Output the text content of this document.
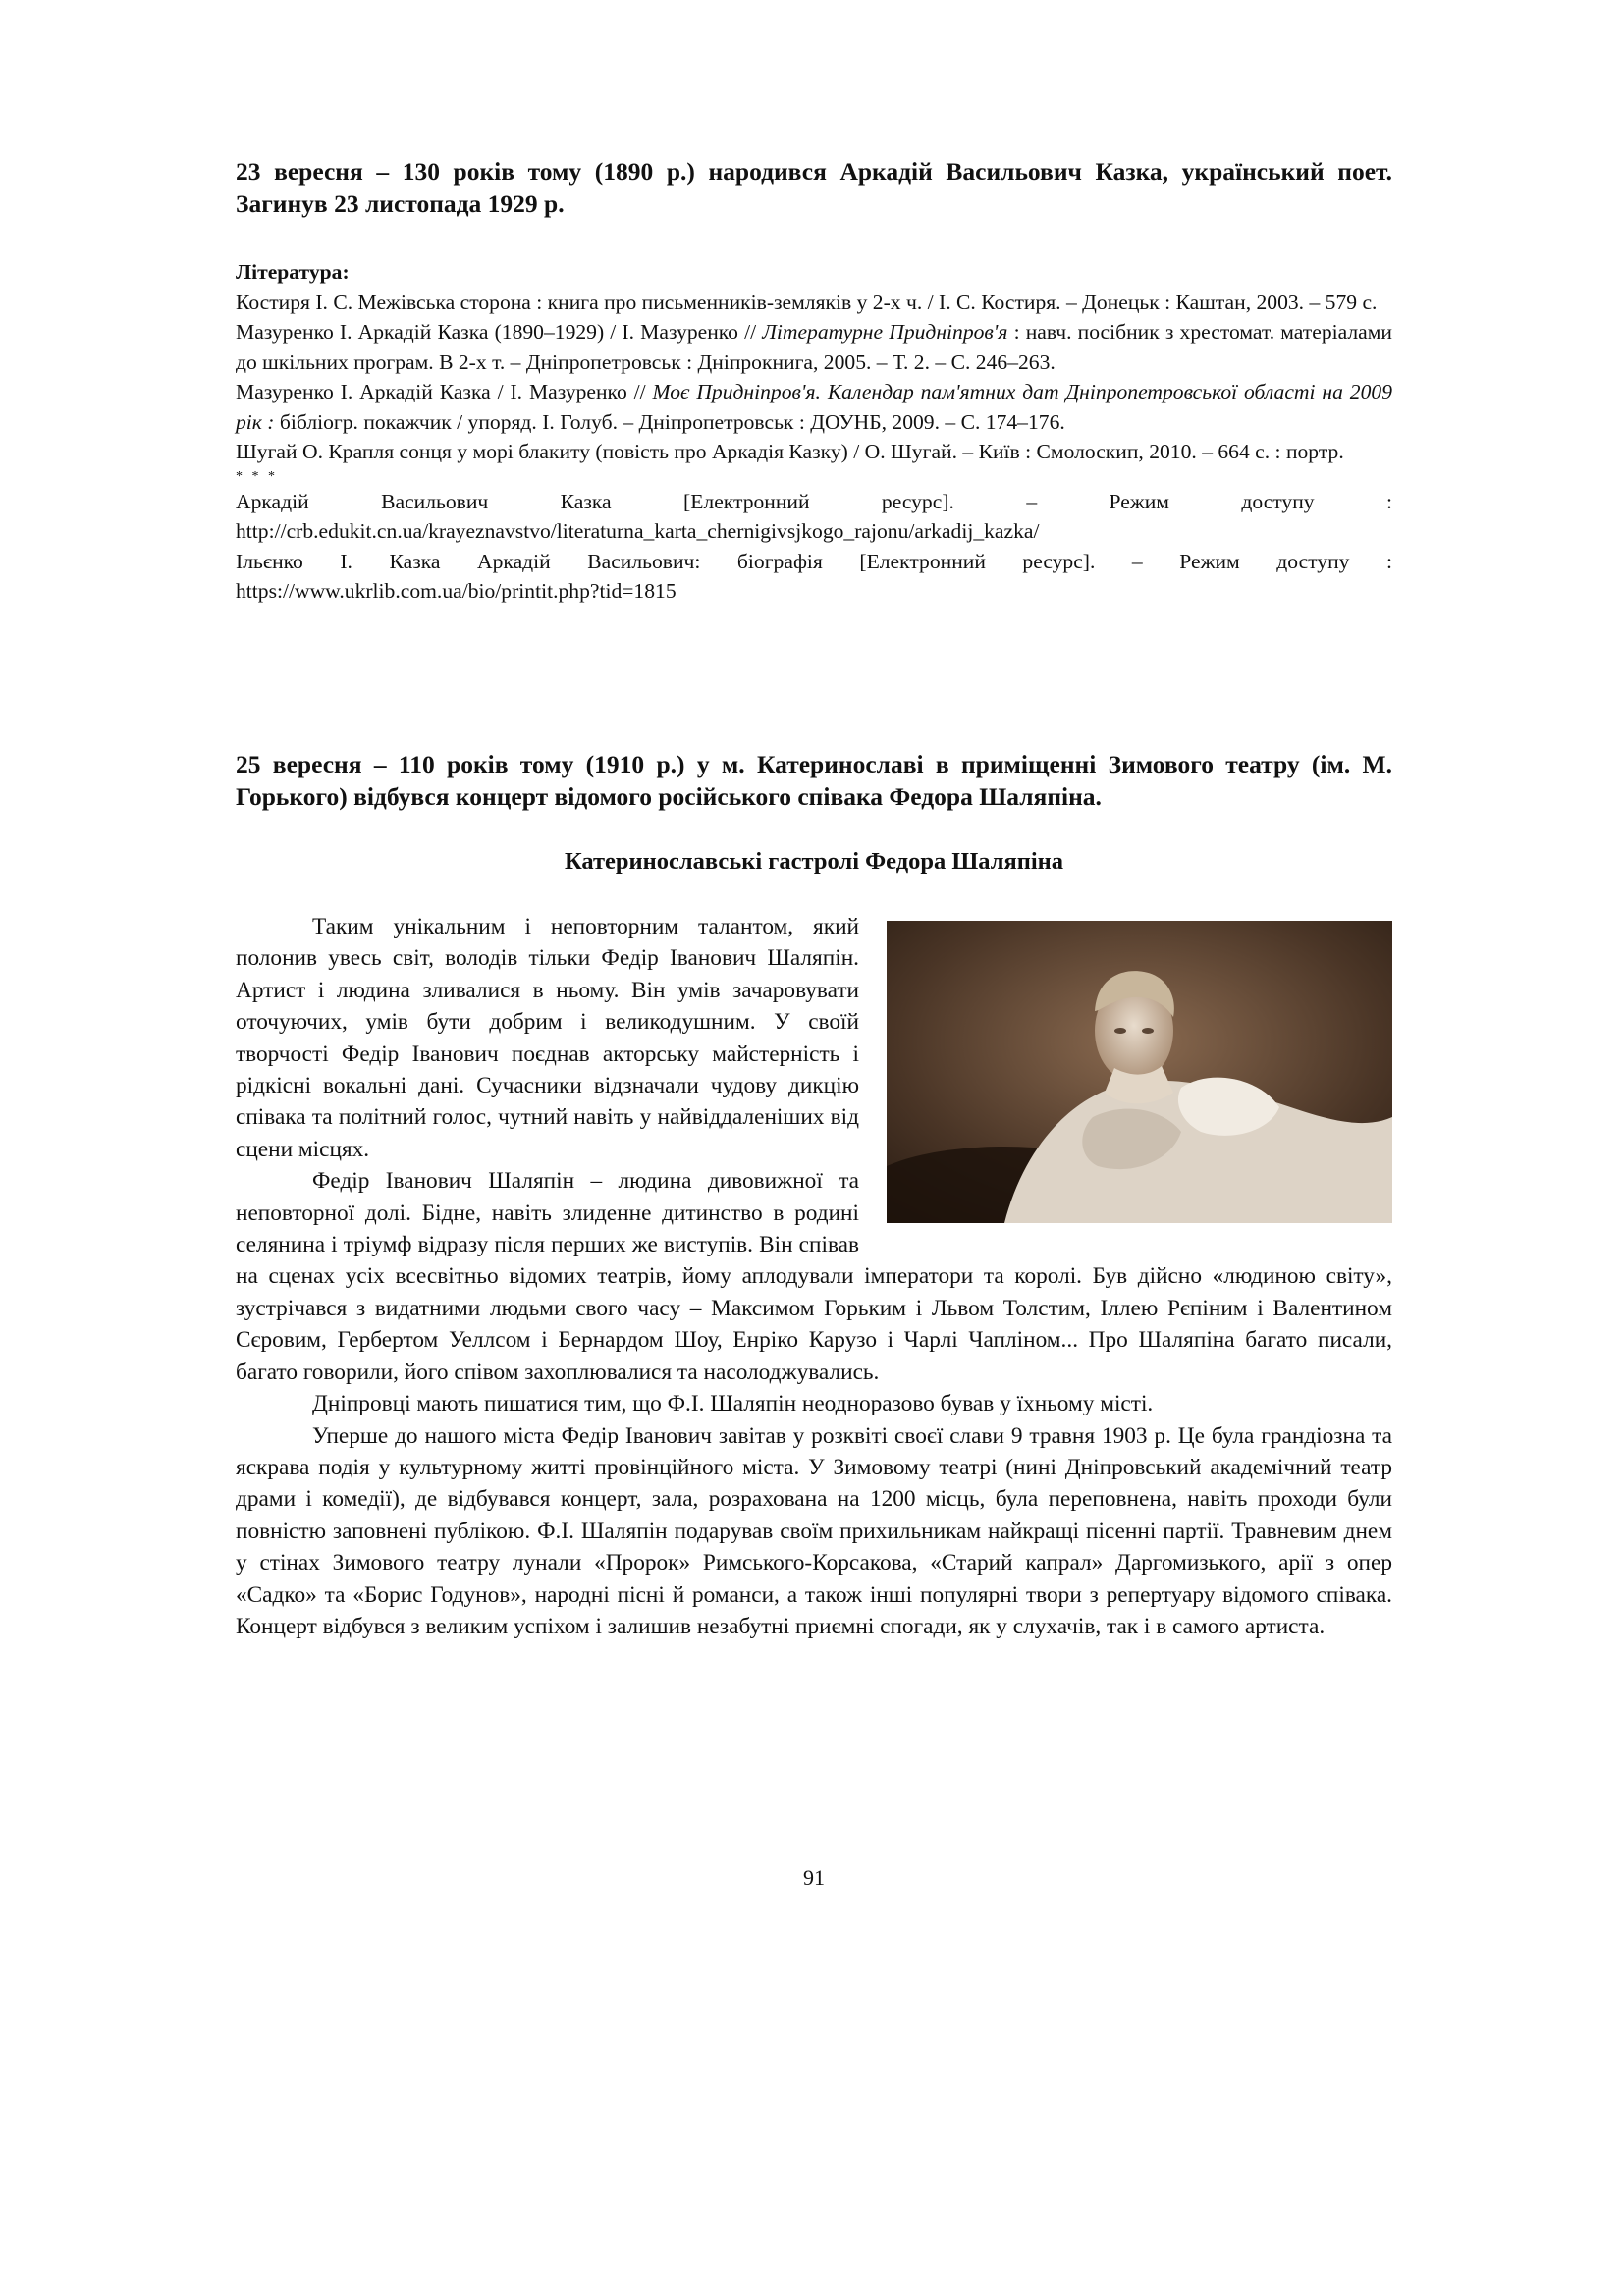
23 вересня – 130 років тому (1890 р.) народився Аркадій Васильович Казка, український поет. Загинув 23 листопада 1929 р.

Література:

Костиря І. С. Межівська сторона : книга про письменників-земляків у 2-х ч. / І. С. Костиря. – Донецьк : Каштан, 2003. – 579 с.

Мазуренко І. Аркадій Казка (1890–1929) / І. Мазуренко // Літературне Придніпров'я : навч. посібник з хрестомат. матеріалами до шкільних програм. В 2-х т. – Дніпропетровськ : Дніпрокнига, 2005. – Т. 2. – С. 246–263.

Мазуренко І. Аркадій Казка / І. Мазуренко // Моє Придніпров'я. Календар пам'ятних дат Дніпропетровської області на 2009 рік : бібліогр. покажчик / упоряд. І. Голуб. – Дніпропетровськ : ДОУНБ, 2009. – С. 174–176.

Шугай О. Крапля сонця у морі блакиту (повість про Аркадія Казку) / О. Шугай. – Київ : Смолоскип, 2010. – 664 с. : портр.

* * *

Аркадій Васильович Казка [Електронний ресурс]. – Режим доступу : http://crb.edukit.cn.ua/krayeznavstvo/literaturna_karta_chernigivsjkogo_rajonu/arkadij_kazka/

Ільєнко І. Казка Аркадій Васильович: біографія [Електронний ресурс]. – Режим доступу : https://www.ukrlib.com.ua/bio/printit.php?tid=1815

25 вересня – 110 років тому (1910 р.) у м. Катеринославі в приміщенні Зимового театру (ім. М. Горького) відбувся концерт відомого російського співака Федора Шаляпіна.

Катеринославські гастролі Федора Шаляпіна

Таким унікальним і неповторним талантом, який полонив увесь світ, володів тільки Федір Іванович Шаляпін. Артист і людина зливалися в ньому. Він умів зачаровувати оточуючих, умів бути добрим і великодушним. У своїй творчості Федір Іванович поєднав акторську майстерність і рідкісні вокальні дані. Сучасники відзначали чудову дикцію співака та політний голос, чутний навіть у найвіддаленіших від сцени місцях.

Федір Іванович Шаляпін – людина дивовижної та неповторної долі. Бідне, навіть злиденне дитинство в родині селянина і тріумф відразу після перших же виступів. Він співав на сценах усіх всесвітньо відомих театрів, йому аплодували імператори та королі. Був дійсно «людиною світу», зустрічався з видатними людьми свого часу – Максимом Горьким і Львом Толстим, Іллею Рєпіним і Валентином Сєровим, Гербертом Уеллсом і Бернардом Шоу, Енріко Карузо і Чарлі Чапліном... Про Шаляпіна багато писали, багато говорили, його співом захоплювалися та насолоджувались.

Дніпровці мають пишатися тим, що Ф.І. Шаляпін неодноразово бував у їхньому місті.

Уперше до нашого міста Федір Іванович завітав у розквіті своєї слави 9 травня 1903 р. Це була грандіозна та яскрава подія у культурному житті провінційного міста. У Зимовому театрі (нині Дніпровський академічний театр драми і комедії), де відбувався концерт, зала, розрахована на 1200 місць, була переповнена, навіть проходи були повністю заповнені публікою. Ф.І. Шаляпін подарував своїм прихильникам найкращі пісенні партії. Травневим днем у стінах Зимового театру лунали «Пророк» Римського-Корсакова, «Старий капрал» Даргомизького, арії з опер «Садко» та «Борис Годунов», народні пісні й романси, а також інші популярні твори з репертуару відомого співака. Концерт відбувся з великим успіхом і залишив незабутні приємні спогади, як у слухачів, так і в самого артиста.

91
